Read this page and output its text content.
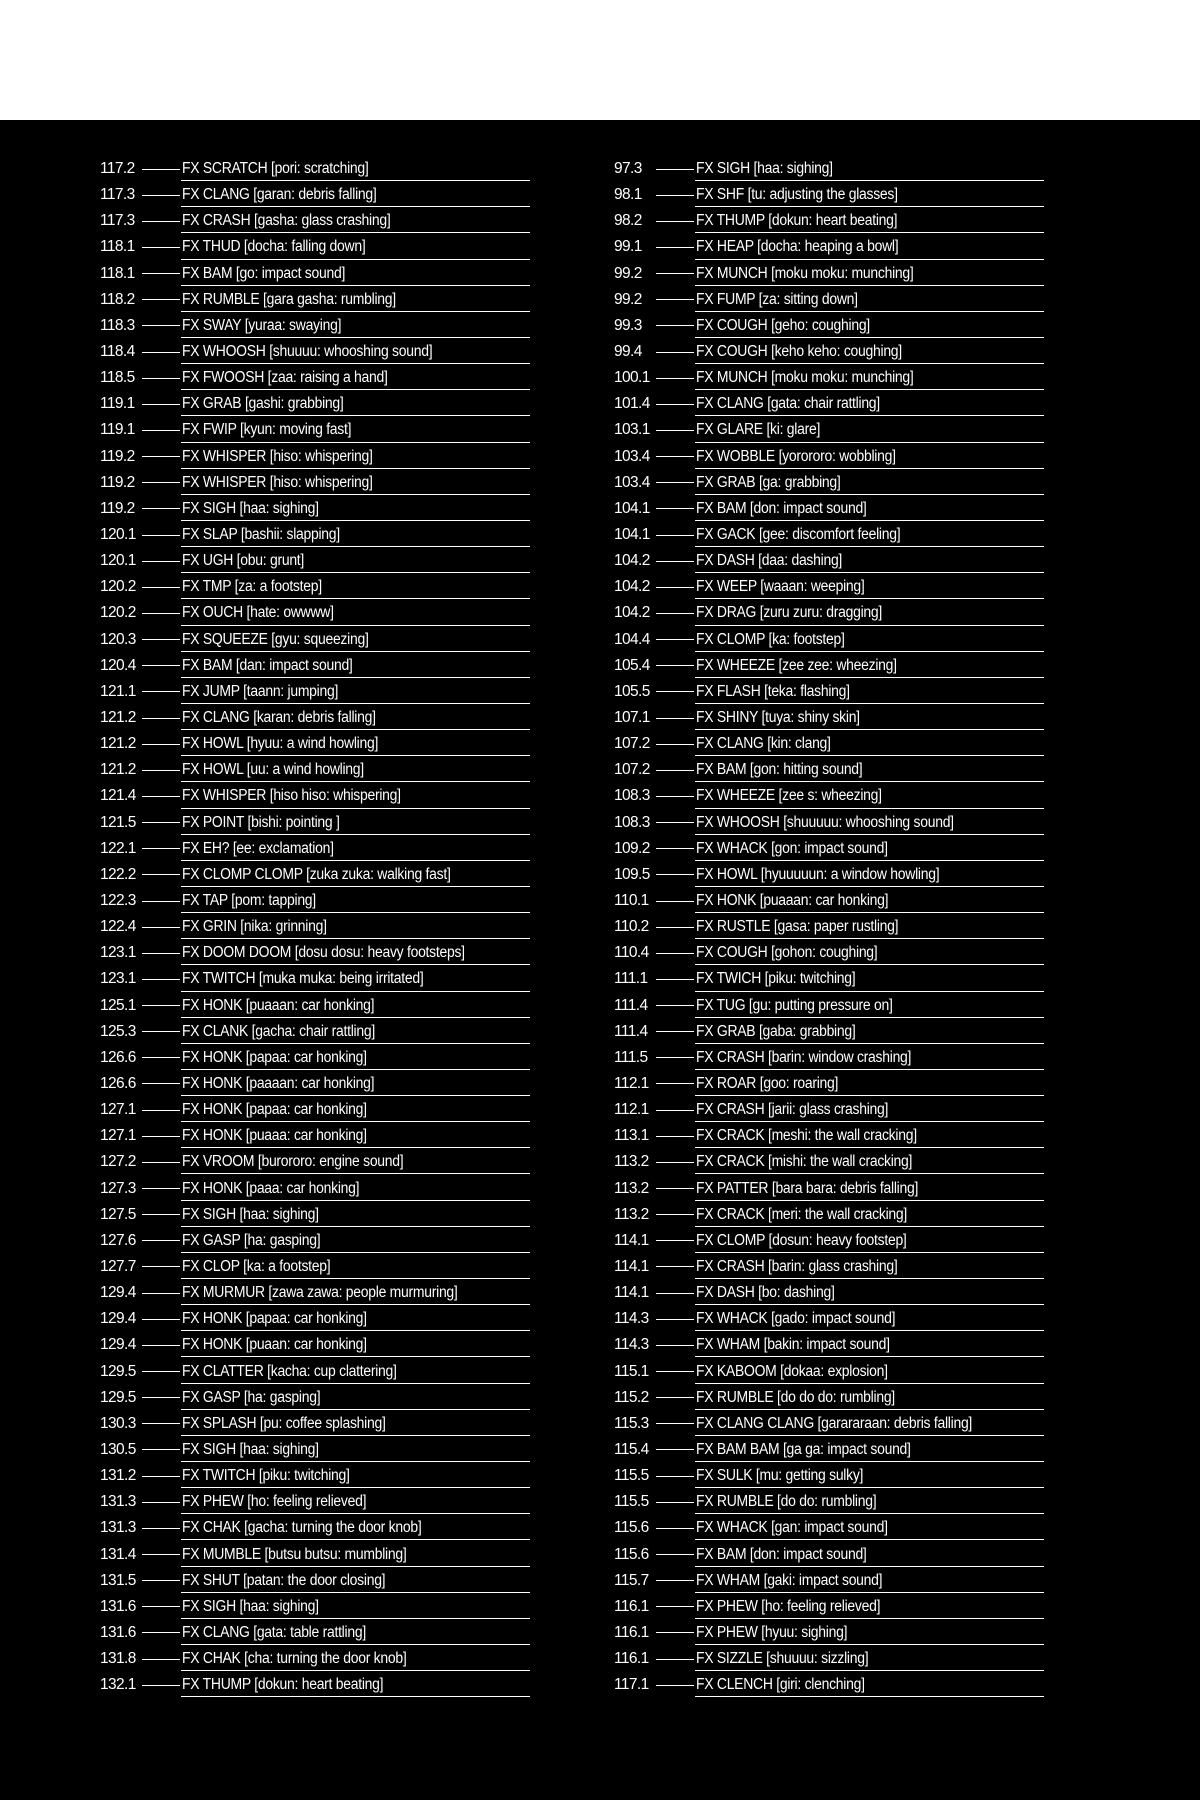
117.2	FX SCRATCH [pori: scratching]
117.3	FX CLANG [garan: debris falling]
117.3	FX CRASH [gasha: glass crashing]
118.1	FX THUD [docha: falling down]
118.1	FX BAM [go: impact sound]
118.2	FX RUMBLE [gara gasha: rumbling]
118.3	FX SWAY [yuraa: swaying]
118.4	FX WHOOSH [shuuuu: whooshing sound]
118.5	FX FWOOSH [zaa: raising a hand]
119.1	FX GRAB [gashi: grabbing]
119.1	FX FWIP [kyun: moving fast]
119.2	FX WHISPER [hiso: whispering]
119.2	FX WHISPER [hiso: whispering]
119.2	FX SIGH [haa: sighing]
120.1	FX SLAP [bashii: slapping]
120.1	FX UGH [obu: grunt]
120.2	FX TMP [za: a footstep]
120.2	FX OUCH [hate: owwww]
120.3	FX SQUEEZE [gyu: squeezing]
120.4	FX BAM [dan: impact sound]
121.1	FX JUMP [taann: jumping]
121.2	FX CLANG [karan: debris falling]
121.2	FX HOWL [hyuu: a wind howling]
121.2	FX HOWL [uu: a wind howling]
121.4	FX WHISPER [hiso hiso: whispering]
121.5	FX POINT [bishi: pointing ]
122.1	FX EH? [ee: exclamation]
122.2	FX CLOMP CLOMP [zuka zuka: walking fast]
122.3	FX TAP [pom: tapping]
122.4	FX GRIN [nika: grinning]
123.1	FX DOOM DOOM [dosu dosu: heavy footsteps]
123.1	FX TWITCH [muka muka: being irritated]
125.1	FX HONK [puaaan: car honking]
125.3	FX CLANK [gacha: chair rattling]
126.6	FX HONK [papaa: car honking]
126.6	FX HONK [paaaan: car honking]
127.1	FX HONK [papaa: car honking]
127.1	FX HONK [puaaa: car honking]
127.2	FX VROOM [burororo: engine sound]
127.3	FX HONK [paaa: car honking]
127.5	FX SIGH [haa: sighing]
127.6	FX GASP [ha: gasping]
127.7	FX CLOP [ka: a footstep]
129.4	FX MURMUR [zawa zawa: people murmuring]
129.4	FX HONK [papaa: car honking]
129.4	FX HONK [puaan: car honking]
129.5	FX CLATTER [kacha: cup clattering]
129.5	FX GASP [ha: gasping]
130.3	FX SPLASH [pu: coffee splashing]
130.5	FX SIGH [haa: sighing]
131.2	FX TWITCH [piku: twitching]
131.3	FX PHEW [ho: feeling relieved]
131.3	FX CHAK [gacha: turning the door knob]
131.4	FX MUMBLE [butsu butsu: mumbling]
131.5	FX SHUT [patan: the door closing]
131.6	FX SIGH [haa: sighing]
131.6	FX CLANG [gata: table rattling]
131.8	FX CHAK [cha: turning the door knob]
132.1	FX THUMP [dokun: heart beating]
97.3	FX SIGH [haa: sighing]
98.1	FX SHF [tu: adjusting the glasses]
98.2	FX THUMP [dokun: heart beating]
99.1	FX HEAP [docha: heaping a bowl]
99.2	FX MUNCH [moku moku: munching]
99.2	FX FUMP [za: sitting down]
99.3	FX COUGH [geho: coughing]
99.4	FX COUGH [keho keho: coughing]
100.1	FX MUNCH [moku moku: munching]
101.4	FX CLANG [gata: chair rattling]
103.1	FX GLARE [ki: glare]
103.4	FX WOBBLE [yorororo: wobbling]
103.4	FX GRAB [ga: grabbing]
104.1	FX BAM [don: impact sound]
104.1	FX GACK [gee: discomfort feeling]
104.2	FX DASH [daa: dashing]
104.2	FX WEEP [waaan: weeping]
104.2	FX DRAG [zuru zuru: dragging]
104.4	FX CLOMP [ka: footstep]
105.4	FX WHEEZE [zee zee: wheezing]
105.5	FX FLASH [teka: flashing]
107.1	FX SHINY [tuya: shiny skin]
107.2	FX CLANG [kin: clang]
107.2	FX BAM [gon: hitting sound]
108.3	FX WHEEZE [zee s: wheezing]
108.3	FX WHOOSH [shuuuuu: whooshing sound]
109.2	FX WHACK [gon: impact sound]
109.5	FX HOWL [hyuuuuun: a window howling]
110.1	FX HONK [puaaan: car honking]
110.2	FX RUSTLE [gasa: paper rustling]
110.4	FX COUGH [gohon: coughing]
111.1	FX TWICH [piku: twitching]
111.4	FX TUG [gu: putting pressure on]
111.4	FX GRAB [gaba: grabbing]
111.5	FX CRASH [barin: window crashing]
112.1	FX ROAR [goo: roaring]
112.1	FX CRASH [jarii: glass crashing]
113.1	FX CRACK [meshi: the wall cracking]
113.2	FX CRACK [mishi: the wall cracking]
113.2	FX PATTER [bara bara: debris falling]
113.2	FX CRACK [meri: the wall cracking]
114.1	FX CLOMP [dosun: heavy footstep]
114.1	FX CRASH [barin: glass crashing]
114.1	FX DASH [bo: dashing]
114.3	FX WHACK [gado: impact sound]
114.3	FX WHAM [bakin: impact sound]
115.1	FX KABOOM [dokaa: explosion]
115.2	FX RUMBLE [do do do: rumbling]
115.3	FX CLANG CLANG [garararaan: debris falling]
115.4	FX BAM BAM [ga ga: impact sound]
115.5	FX SULK [mu: getting sulky]
115.5	FX RUMBLE [do do: rumbling]
115.6	FX WHACK [gan: impact sound]
115.6	FX BAM [don: impact sound]
115.7	FX WHAM [gaki: impact sound]
116.1	FX PHEW [ho: feeling relieved]
116.1	FX PHEW [hyuu: sighing]
116.1	FX SIZZLE [shuuuu: sizzling]
117.1	FX CLENCH [giri: clenching]
